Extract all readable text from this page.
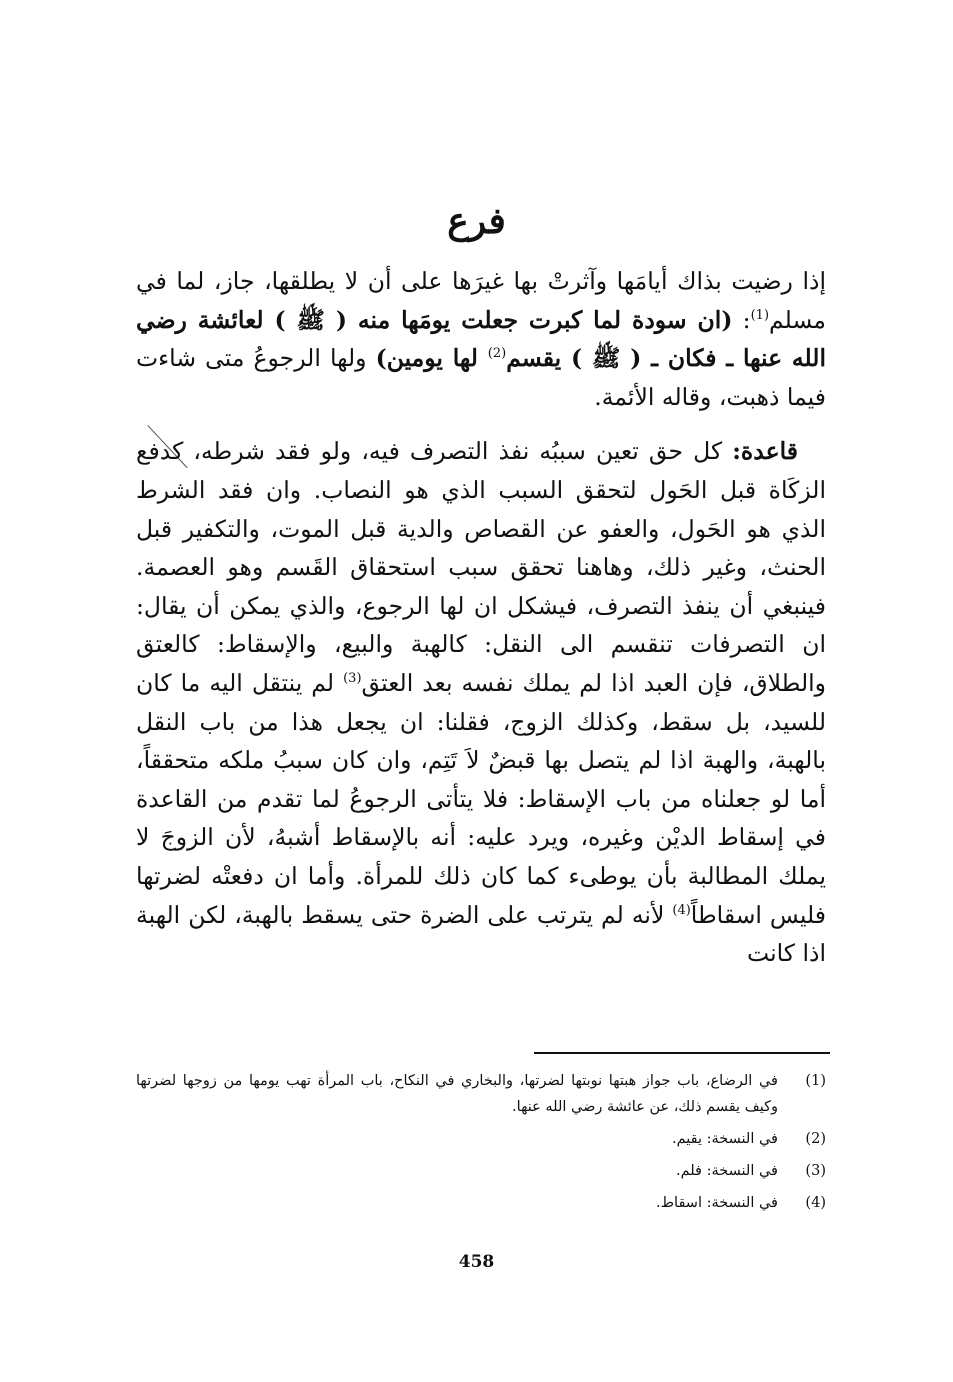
فرع

إذا رضيت بذاك أيامَها وآثرتْ بها غيرَها على أن لا يطلقها، جاز، لما في مسلم$^{(1)}$: (ان سودة لما كبرت جعلت يومَها منه ( ﷺ ) لعائشة رضي الله عنها ـ فكان ـ ( ﷺ ) يقسم$^{(2)}$ لها يومين) ولها الرجوعُ متى شاءت فيما ذهبت، وقاله الأئمة.

قاعدة: كل حق تعين سببُه نفذ التصرف فيه، ولو فقد شرطه، كدفع الزكَاة قبل الحَول لتحقق السبب الذي هو النصاب. وان فقد الشرط الذي هو الحَول، والعفو عن القصاص والدية قبل الموت، والتكفير قبل الحنث، وغير ذلك، وهاهنا تحقق سبب استحقاق القَسم وهو العصمة. فينبغي أن ينفذ التصرف، فيشكل ان لها الرجوع، والذي يمكن أن يقال: ان التصرفات تنقسم الى النقل: كالهبة والبيع، والإسقاط: كالعتق والطلاق، فإن العبد اذا لم يملك نفسه بعد العتق$^{(3)}$ لم ينتقل اليه ما كان للسيد، بل سقط، وكذلك الزوج، فقلنا: ان يجعل هذا من باب النقل بالهبة، والهبة اذا لم يتصل بها قبضٌ لاَ تَتِم، وان كان سببُ ملكه متحققاً، أما لو جعلناه من باب الإسقاط: فلا يتأتى الرجوعُ لما تقدم من القاعدة في إسقاط الديْن وغيره، ويرد عليه: أنه بالإسقاط أشبهُ، لأن الزوجَ لا يملك المطالبة بأن يوطىء كما كان ذلك للمرأة. وأما ان دفعتْه لضرتها فليس اسقاطاً$^{(4)}$ لأنه لم يترتب على الضرة حتى يسقط بالهبة، لكن الهبة اذا كانت

(1)
في الرضاع، باب جواز هبتها نوبتها لضرتها، والبخاري في النكاح، باب المرأة تهب يومها من زوجها لضرتها وكيف يقسم ذلك، عن عائشة رضي الله عنها.
(2)
في النسخة: يقيم.
(3)
في النسخة: فلم.
(4)
في النسخة: اسقاط.
458
